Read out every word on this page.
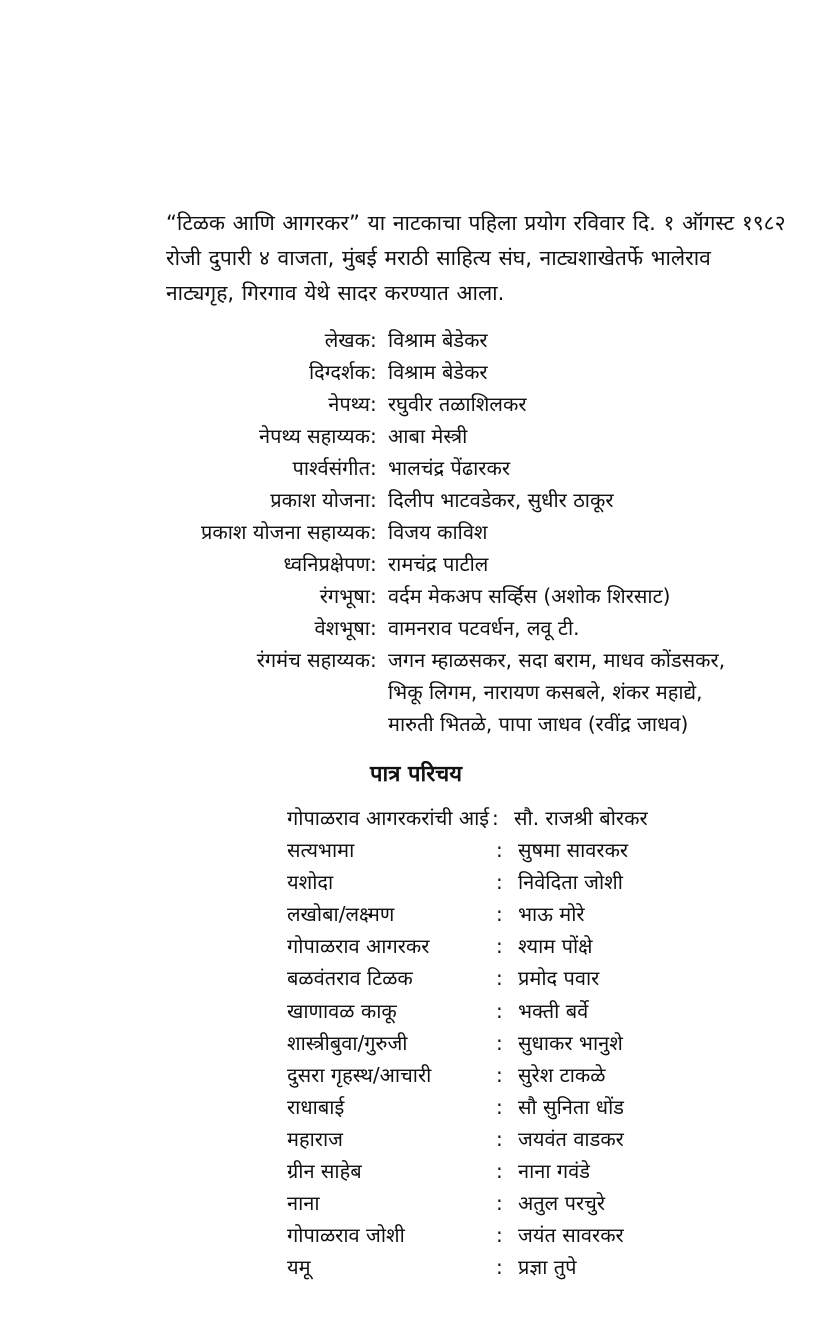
“टिळक आणि आगरकर” या नाटकाचा पहिला प्रयोग रविवार दि. १ ऑगस्ट १९८२

रोजी दुपारी ४ वाजता, मुंबई मराठी साहित्य संघ, नाट्यशाखेतर्फे भालेराव

नाट्यगृह, गिरगाव येथे सादर करण्यात आला.

लेखक : विश्राम बेडेकर
दिग्दर्शक : विश्राम बेडेकर
नेपथ्य : रघुवीर तळाशिलकर
नेपथ्य सहाय्यक : आबा मेस्त्री
पार्श्वसंगीत : भालचंद्र पेंढारकर
प्रकाश योजना : दिलीप भाटवडेकर, सुधीर ठाकूर
प्रकाश योजना सहाय्यक : विजय काविश
ध्वनिप्रक्षेपण : रामचंद्र पाटील
रंगभूषा : वर्दम मेकअप सर्व्हिस (अशोक शिरसाट)
वेशभूषा : वामनराव पटवर्धन, लवू टी.
रंगमंच सहाय्यक : जगन म्हाळसकर, सदा बराम, माधव कोंडसकर,
भिकू लिगम, नारायण कसबले, शंकर महाद्ये,
मारुती भितळे, पापा जाधव (रवींद्र जाधव)
पात्र परिचय
गोपाळराव आगरकरांची आई : सौ. राजश्री बोरकर
सत्यभामा	: सुषमा सावरकर
यशोदा	: निवेदिता जोशी
लखोबा/लक्ष्मण	: भाऊ मोरे
गोपाळराव आगरकर	: श्याम पोंक्षे
बळवंतराव टिळक	: प्रमोद पवार
खाणावळ काकू	: भक्ती बर्वे
शास्त्रीबुवा/गुरुजी	: सुधाकर भानुशे
दुसरा गृहस्थ/आचारी	: सुरेश टाकळे
राधाबाई	: सौ सुनिता धोंड
महाराज	: जयवंत वाडकर
ग्रीन साहेब	: नाना गवंडे
नाना	: अतुल परचुरे
गोपाळराव जोशी	: जयंत सावरकर
यमू	: प्रज्ञा तुपे
